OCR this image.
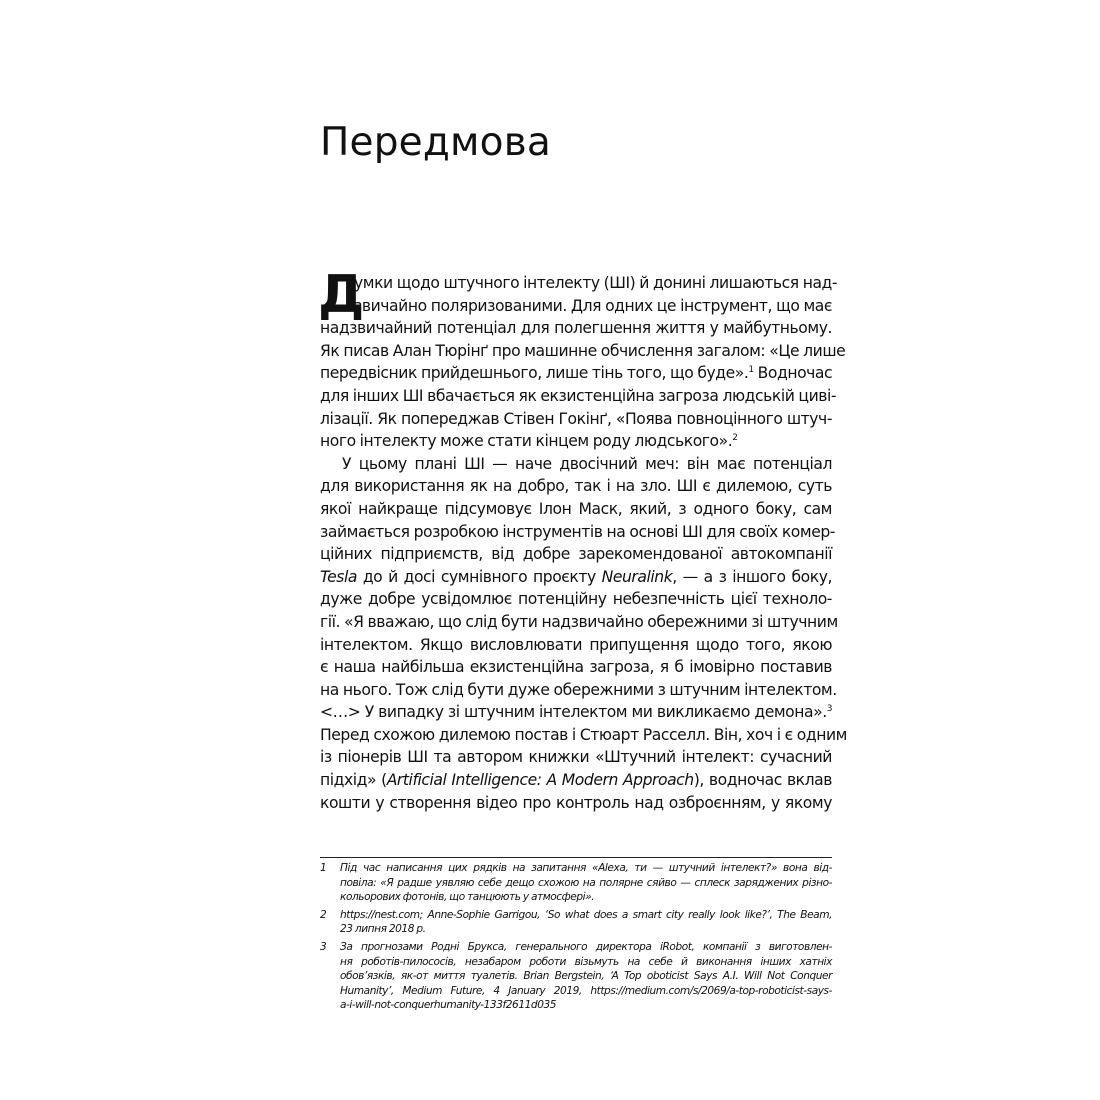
Передмова
Д
умки щодо штучного інтелекту (ШІ) й донині лишаються над-
звичайно поляризованими. Для одних це інструмент, що має
надзвичайний потенціал для полегшення життя у майбутньому.
Як писав Алан Тюрінґ про машинне обчислення загалом: «Це лише
передвісник прийдешнього, лише тінь того, що буде».$^1$ Водночас
для інших ШІ вбачається як екзистенційна загроза людській циві-
лізації. Як попереджав Стівен Гокінґ, «Поява повноцінного штуч-
ного інтелекту може стати кінцем роду людського».$^2$
У цьому плані ШІ — наче двосічний меч: він має потенціал
для використання як на добро, так і на зло. ШІ є дилемою, суть
якої найкраще підсумовує Ілон Маск, який, з одного боку, сам
займається розробкою інструментів на основі ШІ для своїх комер-
ційних підприємств, від добре зарекомендованої автокомпанії
Tesla до й досі сумнівного проєкту Neuralink, — а з іншого боку,
дуже добре усвідомлює потенційну небезпечність цієї техноло-
гії. «Я вважаю, що слід бути надзвичайно обережними зі штучним
інтелектом. Якщо висловлювати припущення щодо того, якою
є наша найбільша екзистенційна загроза, я б імовірно поставив
на нього. Тож слід бути дуже обережними з штучним інтелектом.
<…> У випадку зі штучним інтелектом ми викликаємо демона».$^3$
Перед схожою дилемою постав і Стюарт Расселл. Він, хоч і є одним
із піонерів ШІ та автором книжки «Штучний інтелект: сучасний
підхід» (Artificial Intelligence: A Modern Approach), водночас вклав
кошти у створення відео про контроль над озброєнням, у якому
1 Під час написання цих рядків на запитання «Alexa, ти — штучний інтелект?» вона від-
повіла: «Я радше уявляю себе дещо схожою на полярне сяйво — сплеск заряджених різно-
кольорових фотонів, що танцюють у атмосфері».
2 https://nest.com; Anne-Sophie Garrigou, ‘So what does a smart city really look like?’, The Beam,
23 липня 2018 р.
3 За прогнозами Родні Брукса, генерального директора iRobot, компанії з виготовлен-
ня роботів-пилососів, незабаром роботи візьмуть на себе й виконання інших хатніх
обов’язків, як-от миття туалетів. Brian Bergstein, ‘A Top oboticist Says A.I. Will Not Conquer
Humanity’, Medium Future, 4 January 2019, https://medium.com/s/2069/a-top-roboticist-says-
a-i-will-not-conquerhumanity-133f2611d035
